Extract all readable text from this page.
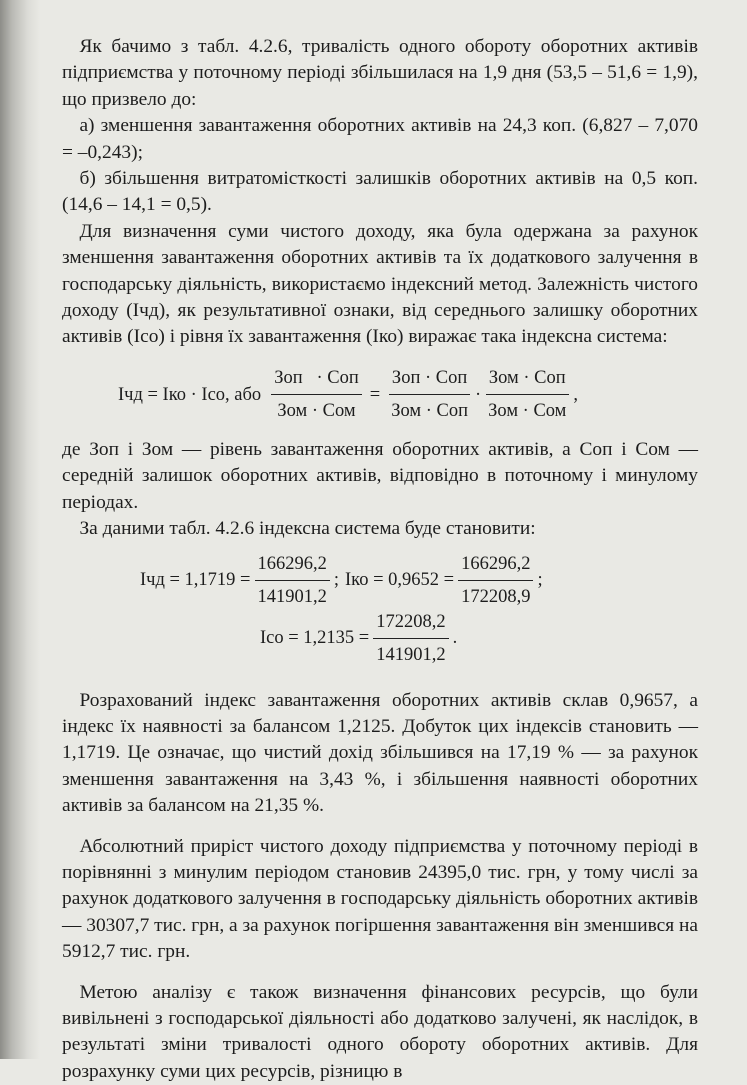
Як бачимо з табл. 4.2.6, тривалість одного обороту оборотних активів підприємства у поточному періоді збільшилася на 1,9 дня (53,5 – 51,6 = 1,9), що призвело до:

а) зменшення завантаження оборотних активів на 24,3 коп. (6,827 – 7,070 = –0,243);

б) збільшення витратомісткості залишків оборотних активів на 0,5 коп. (14,6 – 14,1 = 0,5).

Для визначення суми чистого доходу, яка була одержана за рахунок зменшення завантаження оборотних активів та їх додаткового залучення в господарську діяльність, використаємо індексний метод. Залежність чистого доходу (Ічд), як результативної ознаки, від середнього залишку оборотних активів (Ісо) і рівня їх завантаження (Іко) виражає така індексна система:

Ічд = Іко · Ісо, або $\frac{\text{Зоп   · Соп}}{\text{Зом · Сом}} = \frac{\text{Зоп · Соп}}{\text{Зом · Соп}} \cdot \frac{\text{Зом · Соп}}{\text{Зом · Сом}}$ ,

де Зоп і Зом — рівень завантаження оборотних активів, а Соп і Сом — середній залишок оборотних активів, відповідно в поточному і минулому періодах.

За даними табл. 4.2.6 індексна система буде становити:

Ічд = $1,1719 = \frac{166296,2}{141901,2}$ ; Іко = $0,9652 = \frac{166296,2}{172208,9}$ ;
Ісо = $1,2135 = \frac{172208,2}{141901,2}$ .

Розрахований індекс завантаження оборотних активів склав 0,9657, а індекс їх наявності за балансом 1,2125. Добуток цих індексів становить — 1,1719. Це означає, що чистий дохід збільшився на 17,19 % — за рахунок зменшення завантаження на 3,43 %, і збільшення наявності оборотних активів за балансом на 21,35 %.

Абсолютний приріст чистого доходу підприємства у поточному періоді в порівнянні з минулим періодом становив 24395,0 тис. грн, у тому числі за рахунок додаткового залучення в господарську діяльність оборотних активів — 30307,7 тис. грн, а за рахунок погіршення завантаження він зменшився на 5912,7 тис. грн.

Метою аналізу є також визначення фінансових ресурсів, що були вивільнені з господарської діяльності або додатково залучені, як наслідок, в результаті зміни тривалості одного обороту оборотних активів. Для розрахунку суми цих ресурсів, різницю в
